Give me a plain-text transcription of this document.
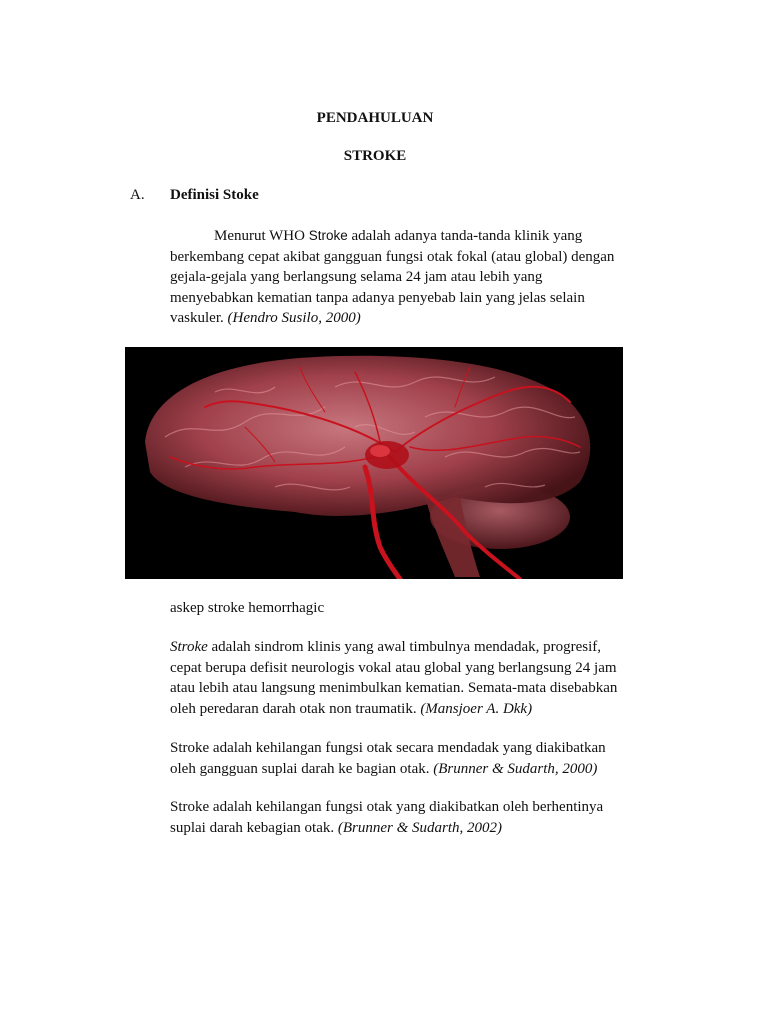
PENDAHULUAN
STROKE
A. Definisi Stoke
Menurut WHO Stroke adalah adanya tanda-tanda klinik yang
berkembang cepat akibat gangguan fungsi otak fokal (atau global) dengan
gejala-gejala yang berlangsung selama 24 jam atau lebih yang
menyebabkan kematian tanpa adanya penyebab lain yang jelas selain
vaskuler. (Hendro Susilo, 2000)
askep stroke hemorrhagic
Stroke adalah sindrom klinis yang awal timbulnya mendadak, progresif,
cepat berupa defisit neurologis vokal atau global yang berlangsung 24 jam
atau lebih atau langsung menimbulkan kematian. Semata-mata disebabkan
oleh peredaran darah otak non traumatik. (Mansjoer A. Dkk)
Stroke adalah kehilangan fungsi otak secara mendadak yang diakibatkan
oleh gangguan suplai darah ke bagian otak. (Brunner & Sudarth, 2000)
Stroke adalah kehilangan fungsi otak yang diakibatkan oleh berhentinya
suplai darah kebagian otak. (Brunner & Sudarth, 2002)
